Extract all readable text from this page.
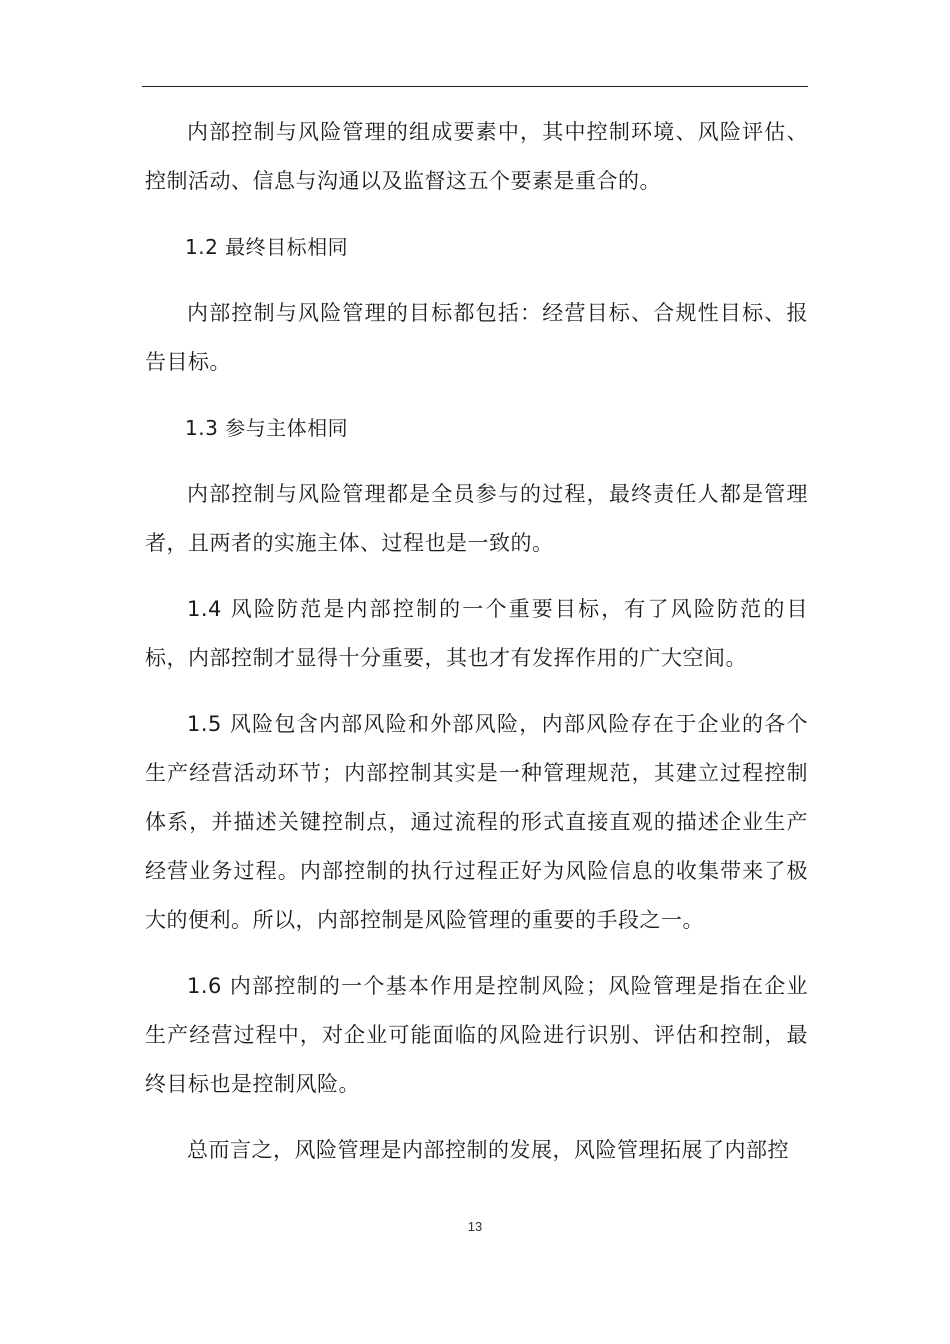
内部控制与风险管理的组成要素中，其中控制环境、风险评估、控制活动、信息与沟通以及监督这五个要素是重合的。

1.2 最终目标相同

内部控制与风险管理的目标都包括：经营目标、合规性目标、报告目标。

1.3 参与主体相同

内部控制与风险管理都是全员参与的过程，最终责任人都是管理者，且两者的实施主体、过程也是一致的。

1.4 风险防范是内部控制的一个重要目标，有了风险防范的目标，内部控制才显得十分重要，其也才有发挥作用的广大空间。

1.5 风险包含内部风险和外部风险，内部风险存在于企业的各个生产经营活动环节；内部控制其实是一种管理规范，其建立过程控制体系，并描述关键控制点，通过流程的形式直接直观的描述企业生产经营业务过程。内部控制的执行过程正好为风险信息的收集带来了极大的便利。所以，内部控制是风险管理的重要的手段之一。

1.6 内部控制的一个基本作用是控制风险；风险管理是指在企业生产经营过程中，对企业可能面临的风险进行识别、评估和控制，最终目标也是控制风险。

总而言之，风险管理是内部控制的发展，风险管理拓展了内部控

13
